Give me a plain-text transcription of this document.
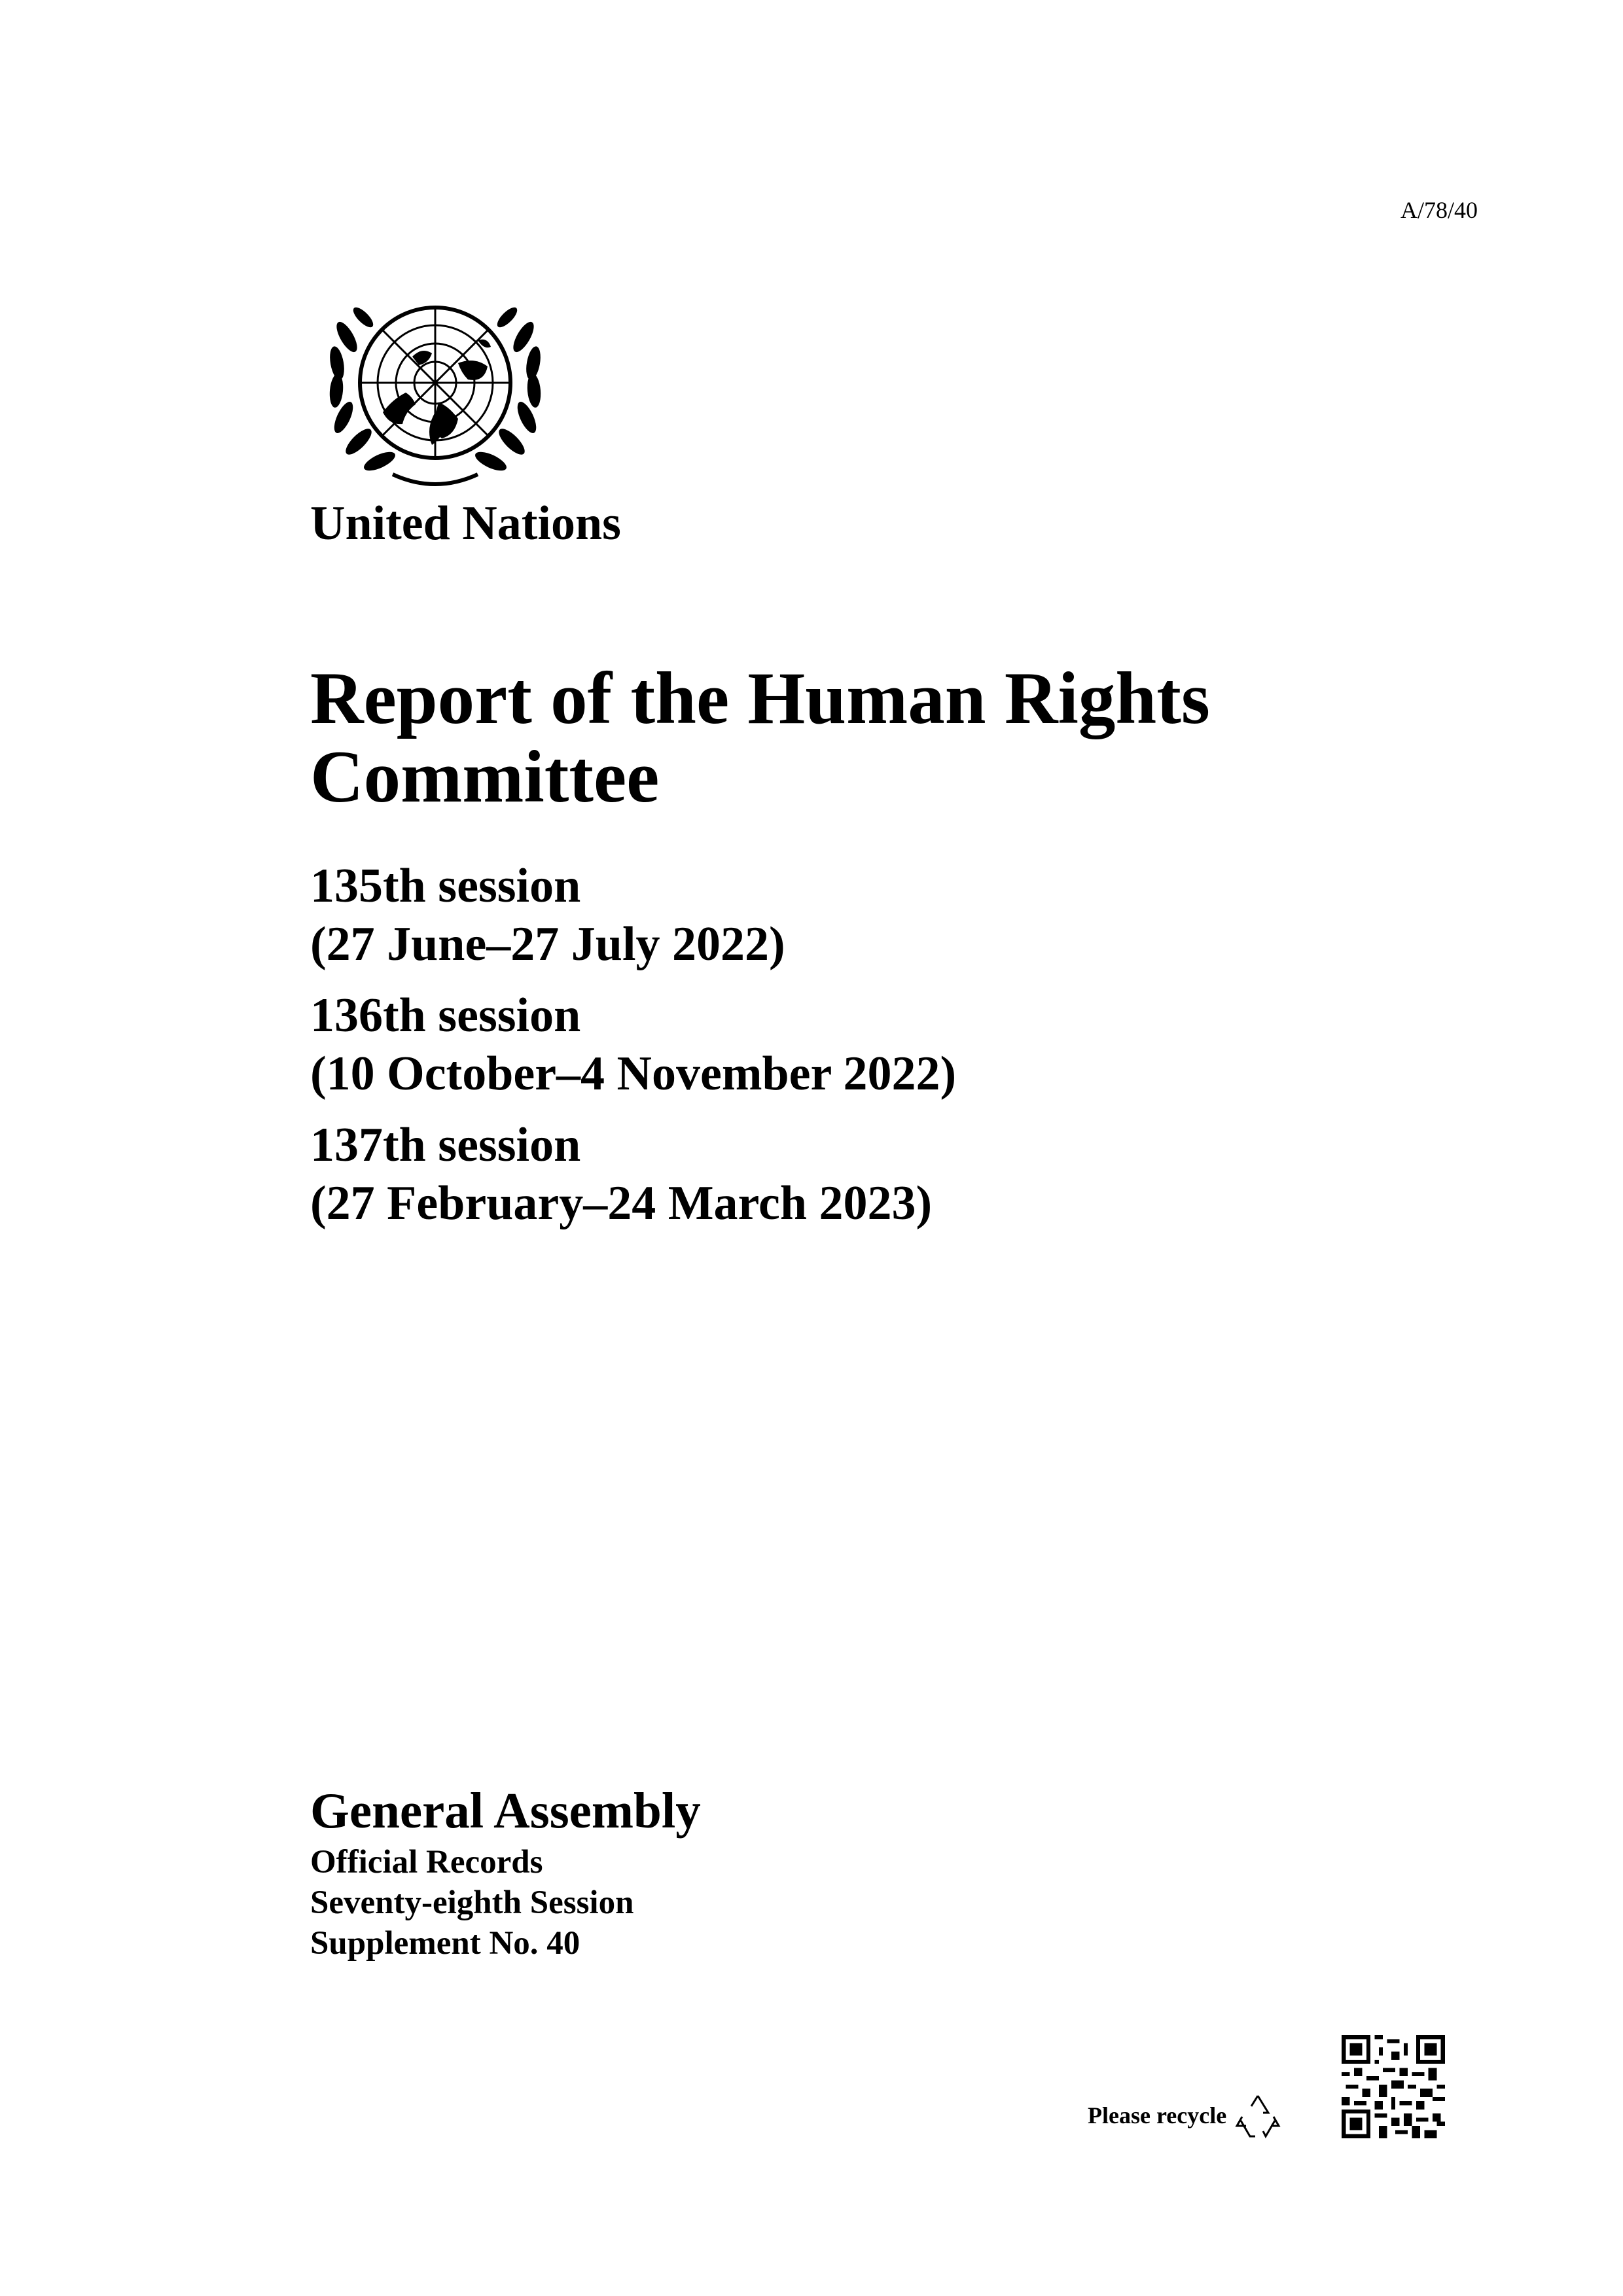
A/78/40
United Nations
Report of the Human Rights
Committee
135th session
(27 June–27 July 2022)
136th session
(10 October–4 November 2022)
137th session
(27 February–24 March 2023)
General Assembly
Official Records
Seventy-eighth Session
Supplement No. 40
Please recycle
